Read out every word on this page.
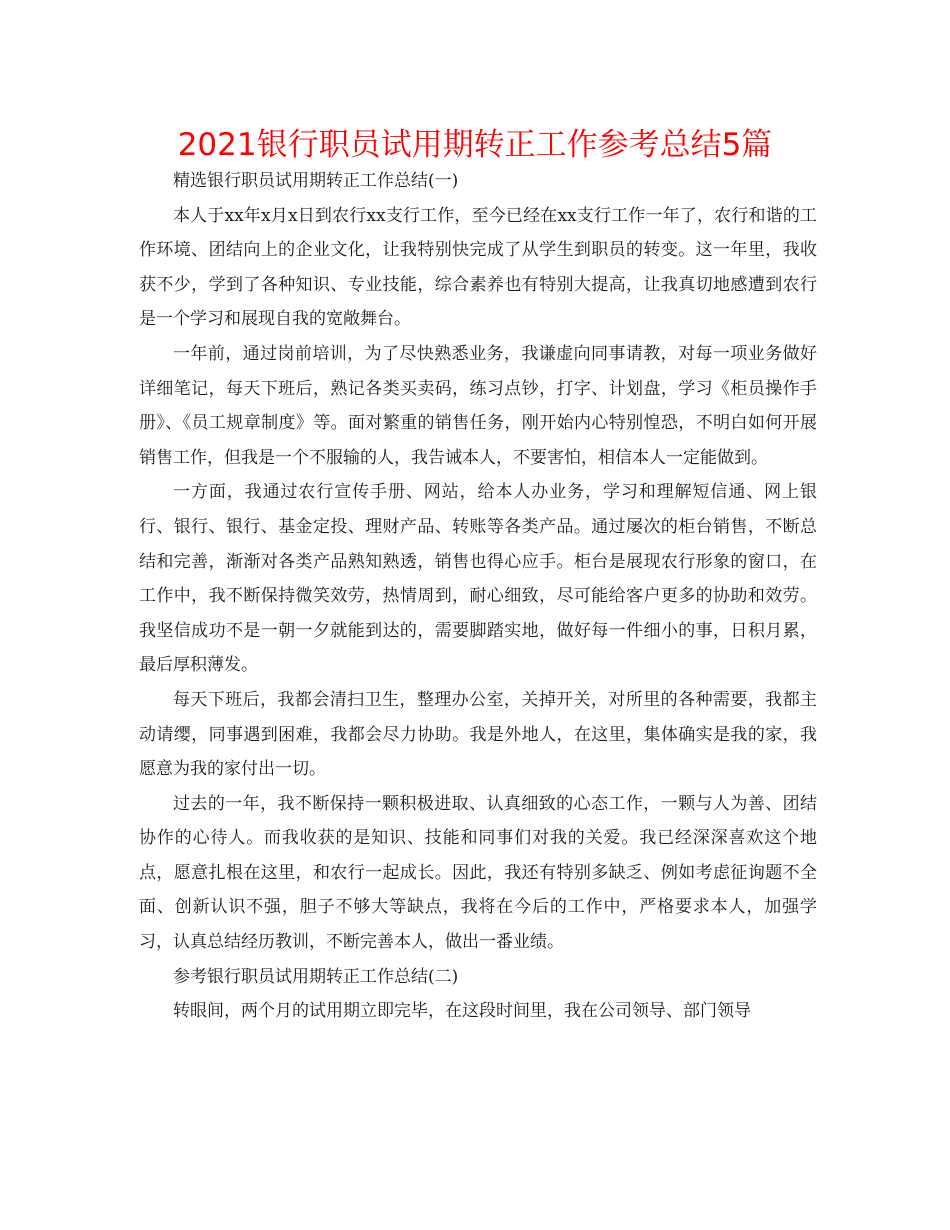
2021银行职员试用期转正工作参考总结5篇

精选银行职员试用期转正工作总结(一)

本人于xx年x月x日到农行xx支行工作，至今已经在xx支行工作一年了，农行和谐的工作环境、团结向上的企业文化，让我特别快完成了从学生到职员的转变。这一年里，我收获不少，学到了各种知识、专业技能，综合素养也有特别大提高，让我真切地感遭到农行是一个学习和展现自我的宽敞舞台。

一年前，通过岗前培训，为了尽快熟悉业务，我谦虚向同事请教，对每一项业务做好详细笔记，每天下班后，熟记各类买卖码，练习点钞，打字、计划盘，学习《柜员操作手册》、《员工规章制度》等。面对繁重的销售任务，刚开始内心特别惶恐，不明白如何开展销售工作，但我是一个不服输的人，我告诫本人，不要害怕，相信本人一定能做到。

一方面，我通过农行宣传手册、网站，给本人办业务，学习和理解短信通、网上银行、银行、银行、基金定投、理财产品、转账等各类产品。通过屡次的柜台销售，不断总结和完善，渐渐对各类产品熟知熟透，销售也得心应手。柜台是展现农行形象的窗口，在工作中，我不断保持微笑效劳，热情周到，耐心细致，尽可能给客户更多的协助和效劳。我坚信成功不是一朝一夕就能到达的，需要脚踏实地，做好每一件细小的事，日积月累，最后厚积薄发。

每天下班后，我都会清扫卫生，整理办公室，关掉开关，对所里的各种需要，我都主动请缨，同事遇到困难，我都会尽力协助。我是外地人，在这里，集体确实是我的家，我愿意为我的家付出一切。

过去的一年，我不断保持一颗积极进取、认真细致的心态工作，一颗与人为善、团结协作的心待人。而我收获的是知识、技能和同事们对我的关爱。我已经深深喜欢这个地点，愿意扎根在这里，和农行一起成长。因此，我还有特别多缺乏、例如考虑征询题不全面、创新认识不强，胆子不够大等缺点，我将在今后的工作中，严格要求本人，加强学习，认真总结经历教训，不断完善本人，做出一番业绩。

参考银行职员试用期转正工作总结(二)

转眼间，两个月的试用期立即完毕，在这段时间里，我在公司领导、部门领导
